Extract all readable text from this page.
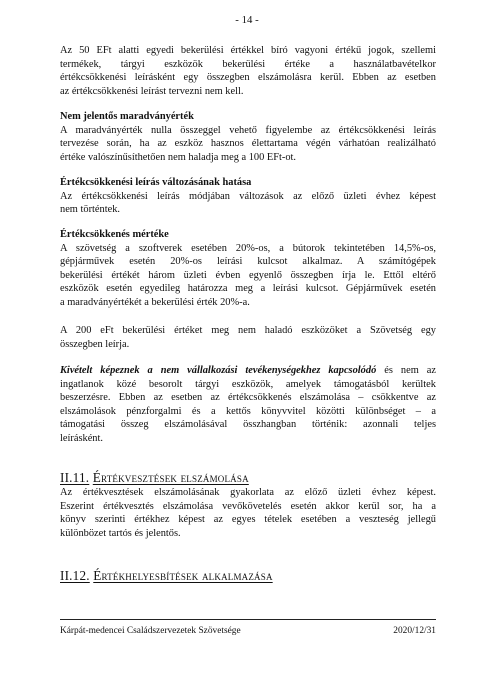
- 14 -
Az 50 EFt alatti egyedi bekerülési értékkel bíró vagyoni értékű jogok, szellemi
termékek, tárgyi eszközök bekerülési értéke a használatbavételkor
értékcsökkenési leírásként egy összegben elszámolásra kerül. Ebben az esetben
az értékcsökkenési leírást tervezni nem kell.
Nem jelentős maradványérték
A maradványérték nulla összeggel vehető figyelembe az értékcsökkenési leírás
tervezése során, ha az eszköz hasznos élettartama végén várhatóan realizálható
értéke valószínűsíthetően nem haladja meg a 100 EFt-ot.
Értékcsökkenési leírás változásának hatása
Az értékcsökkenési leírás módjában változások az előző üzleti évhez képest
nem történtek.
Értékcsökkenés mértéke
A szövetség a szoftverek esetében 20%-os, a bútorok tekintetében 14,5%-os,
gépjárművek esetén 20%-os leírási kulcsot alkalmaz. A számítógépek
bekerülési értékét három üzleti évben egyenlő összegben írja le. Ettől eltérő
eszközök esetén egyedileg határozza meg a leírási kulcsot. Gépjárművek esetén
a maradványértékét a bekerülési érték 20%-a.
A 200 eFt bekerülési értéket meg nem haladó eszközöket a Szövetség egy
összegben leírja.
Kivételt képeznek a nem vállalkozási tevékenységekhez kapcsolódó és nem az
ingatlanok közé besorolt tárgyi eszközök, amelyek támogatásból kerültek
beszerzésre. Ebben az esetben az értékcsökkenés elszámolása – csökkentve az
elszámolások pénzforgalmi és a kettős könyvvitel közötti különbséget – a
támogatási összeg elszámolásával összhangban történik: azonnali teljes
leírásként.
II.11. Értékvesztések elszámolása
Az értékvesztések elszámolásának gyakorlata az előző üzleti évhez képest.
Eszerint értékvesztés elszámolása vevőkövetelés esetén akkor kerül sor, ha a
könyv szerinti értékhez képest az egyes tételek esetében a veszteség jellegű
különbözet tartós és jelentős.
II.12. Értékhelyesbítések alkalmazása
Kárpát-medencei Családszervezetek Szövetsége	2020/12/31
